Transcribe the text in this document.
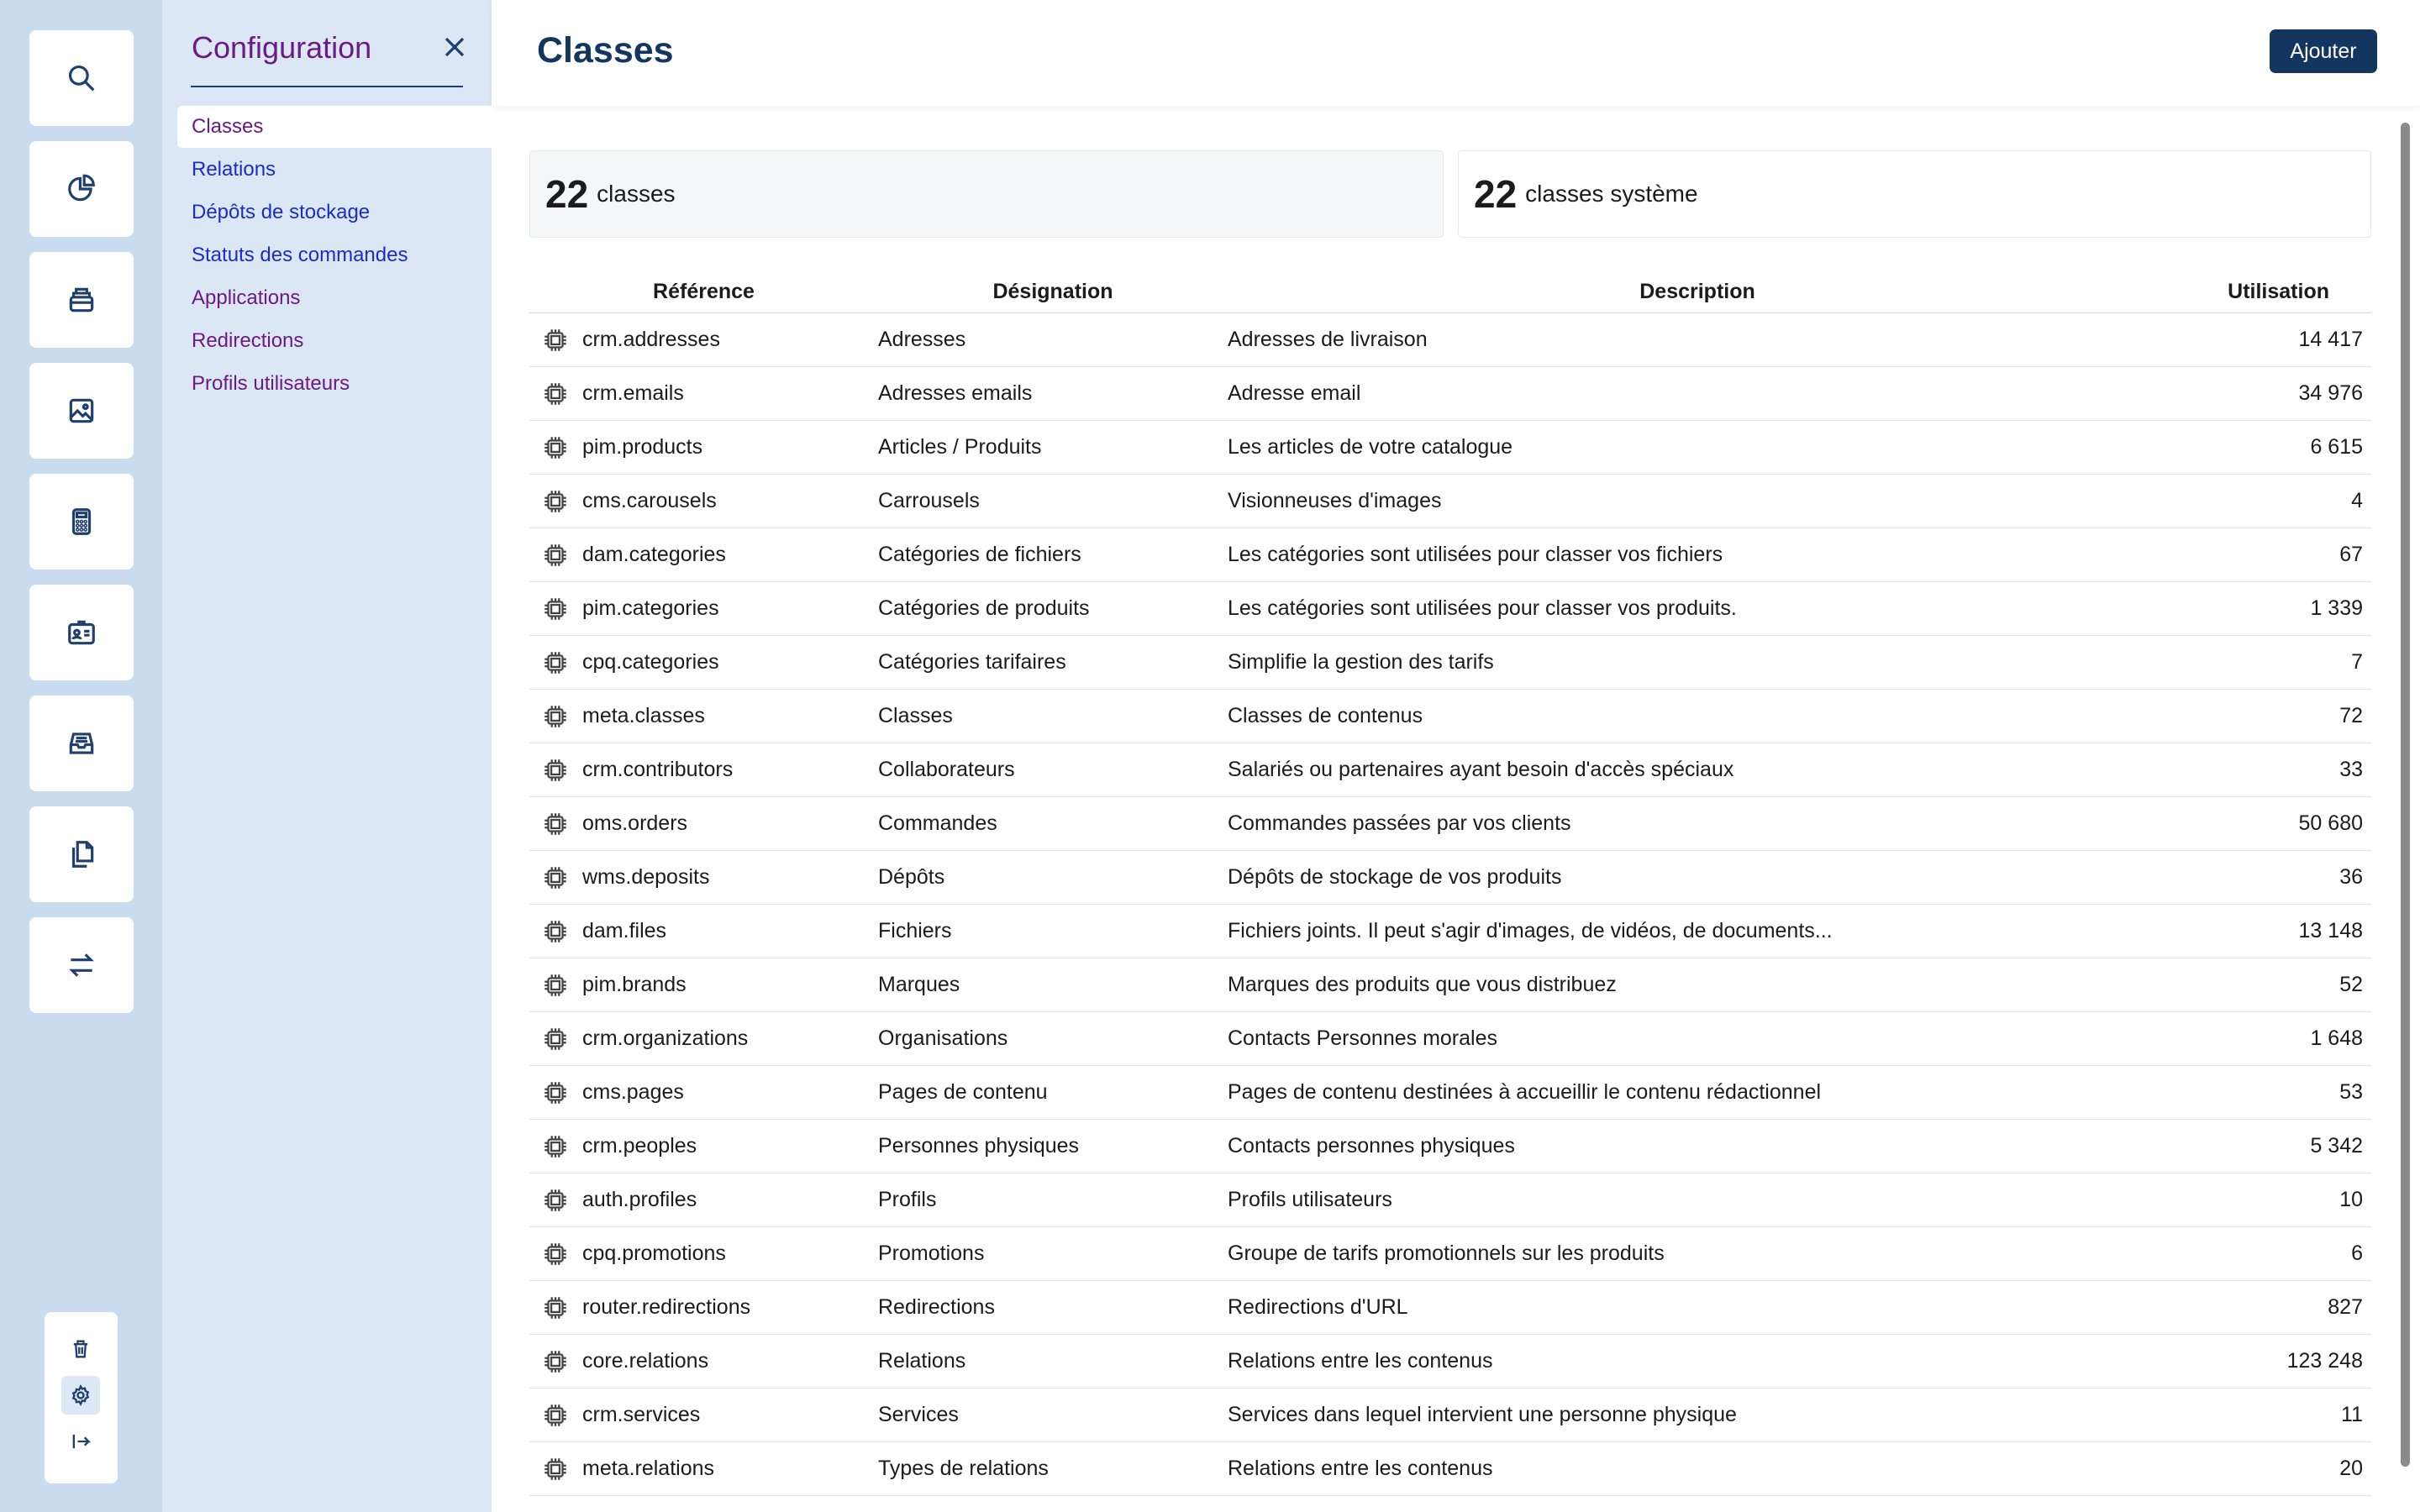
Configuration
Classes
Relations
Dépôts de stockage
Statuts des commandes
Applications
Redirections
Profils utilisateurs
Classes	Ajouter
22 classes	22 classes système
Référence	Désignation	Description	Utilisation
crm.addresses	Adresses	Adresses de livraison	14 417
crm.emails	Adresses emails	Adresse email	34 976
pim.products	Articles / Produits	Les articles de votre catalogue	6 615
cms.carousels	Carrousels	Visionneuses d'images	4
dam.categories	Catégories de fichiers	Les catégories sont utilisées pour classer vos fichiers	67
pim.categories	Catégories de produits	Les catégories sont utilisées pour classer vos produits.	1 339
cpq.categories	Catégories tarifaires	Simplifie la gestion des tarifs	7
meta.classes	Classes	Classes de contenus	72
crm.contributors	Collaborateurs	Salariés ou partenaires ayant besoin d'accès spéciaux	33
oms.orders	Commandes	Commandes passées par vos clients	50 680
wms.deposits	Dépôts	Dépôts de stockage de vos produits	36
dam.files	Fichiers	Fichiers joints. Il peut s'agir d'images, de vidéos, de documents...	13 148
pim.brands	Marques	Marques des produits que vous distribuez	52
crm.organizations	Organisations	Contacts Personnes morales	1 648
cms.pages	Pages de contenu	Pages de contenu destinées à accueillir le contenu rédactionnel	53
crm.peoples	Personnes physiques	Contacts personnes physiques	5 342
auth.profiles	Profils	Profils utilisateurs	10
cpq.promotions	Promotions	Groupe de tarifs promotionnels sur les produits	6
router.redirections	Redirections	Redirections d'URL	827
core.relations	Relations	Relations entre les contenus	123 248
crm.services	Services	Services dans lequel intervient une personne physique	11
meta.relations	Types de relations	Relations entre les contenus	20
